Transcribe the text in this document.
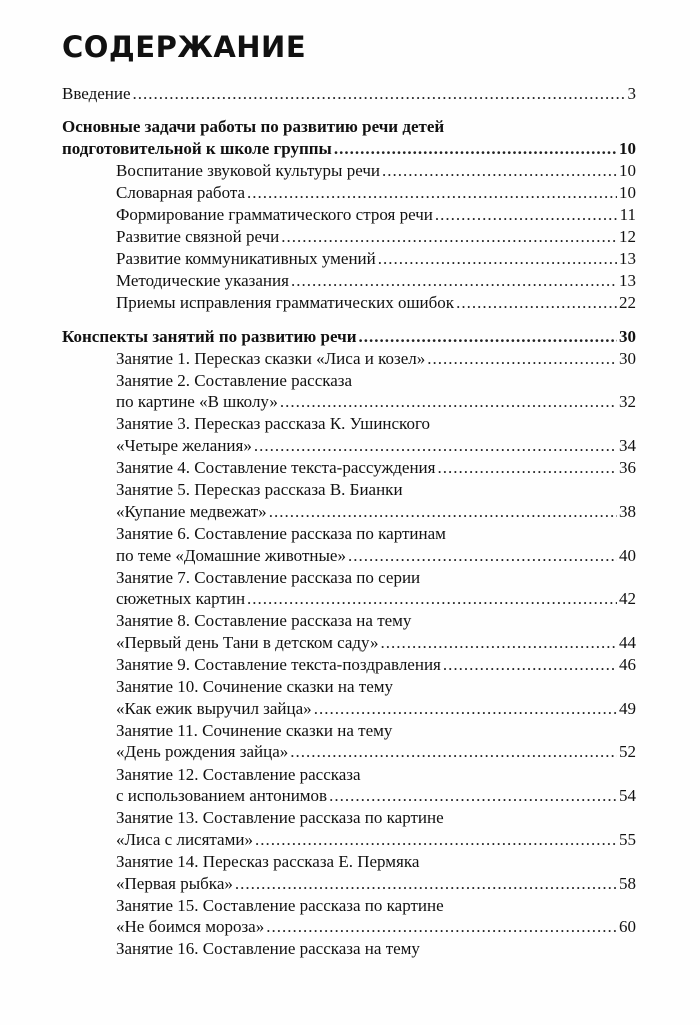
СОДЕРЖАНИЕ
Введение .....	3
Основные задачи работы по развитию речи детей
подготовительной к школе группы .....	10
Воспитание звуковой культуры речи .....	10
Словарная работа .....	10
Формирование грамматического строя речи .....	11
Развитие связной речи .....	12
Развитие коммуникативных умений .....	13
Методические указания .....	13
Приемы исправления грамматических ошибок .....	22
Конспекты занятий по развитию речи .....	30
Занятие 1. Пересказ сказки «Лиса и козел» .....	30
Занятие 2. Составление рассказа
по картине «В школу» .....	32
Занятие 3. Пересказ рассказа К. Ушинского
«Четыре желания» .....	34
Занятие 4. Составление текста-рассуждения .....	36
Занятие 5. Пересказ рассказа В. Бианки
«Купание медвежат» .....	38
Занятие 6. Составление рассказа по картинам
по теме «Домашние животные» .....	40
Занятие 7. Составление рассказа по серии
сюжетных картин .....	42
Занятие 8. Составление рассказа на тему
«Первый день Тани в детском саду» .....	44
Занятие 9. Составление текста-поздравления .....	46
Занятие 10. Сочинение сказки на тему
«Как ежик выручил зайца» .....	49
Занятие 11. Сочинение сказки на тему
«День рождения зайца» .....	52
Занятие 12. Составление рассказа
с использованием антонимов .....	54
Занятие 13. Составление рассказа по картине
«Лиса с лисятами» .....	55
Занятие 14. Пересказ рассказа Е. Пермяка
«Первая рыбка» .....	58
Занятие 15. Составление рассказа по картине
«Не боимся мороза» .....	60
Занятие 16. Составление рассказа на тему
